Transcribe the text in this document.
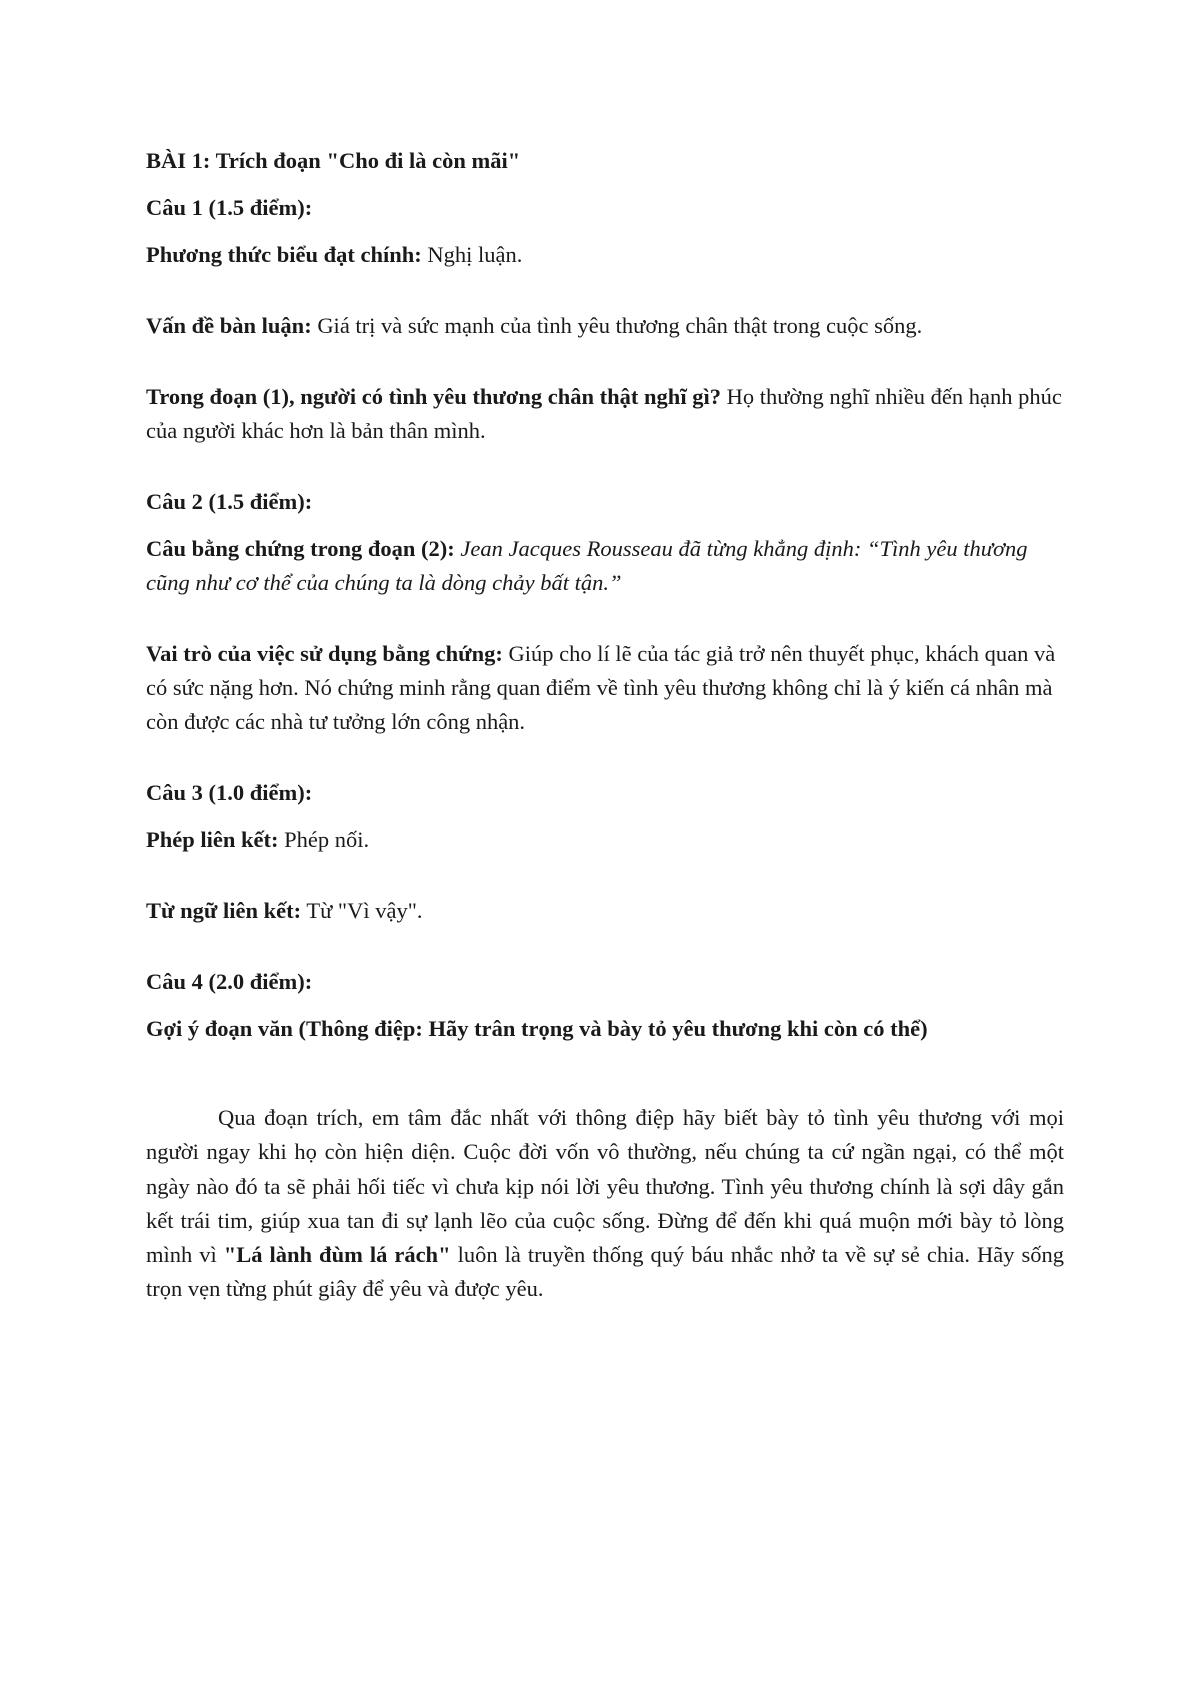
BÀI 1: Trích đoạn "Cho đi là còn mãi"

Câu 1 (1.5 điểm):

Phương thức biểu đạt chính: Nghị luận.

Vấn đề bàn luận: Giá trị và sức mạnh của tình yêu thương chân thật trong cuộc sống.

Trong đoạn (1), người có tình yêu thương chân thật nghĩ gì? Họ thường nghĩ nhiều đến hạnh phúc của người khác hơn là bản thân mình.

Câu 2 (1.5 điểm):

Câu bằng chứng trong đoạn (2): Jean Jacques Rousseau đã từng khẳng định: “Tình yêu thương cũng như cơ thể của chúng ta là dòng chảy bất tận.”

Vai trò của việc sử dụng bằng chứng: Giúp cho lí lẽ của tác giả trở nên thuyết phục, khách quan và có sức nặng hơn. Nó chứng minh rằng quan điểm về tình yêu thương không chỉ là ý kiến cá nhân mà còn được các nhà tư tưởng lớn công nhận.

Câu 3 (1.0 điểm):

Phép liên kết: Phép nối.

Từ ngữ liên kết: Từ "Vì vậy".

Câu 4 (2.0 điểm):

Gợi ý đoạn văn (Thông điệp: Hãy trân trọng và bày tỏ yêu thương khi còn có thể)

Qua đoạn trích, em tâm đắc nhất với thông điệp hãy biết bày tỏ tình yêu thương với mọi người ngay khi họ còn hiện diện. Cuộc đời vốn vô thường, nếu chúng ta cứ ngần ngại, có thể một ngày nào đó ta sẽ phải hối tiếc vì chưa kịp nói lời yêu thương. Tình yêu thương chính là sợi dây gắn kết trái tim, giúp xua tan đi sự lạnh lẽo của cuộc sống. Đừng để đến khi quá muộn mới bày tỏ lòng mình vì "Lá lành đùm lá rách" luôn là truyền thống quý báu nhắc nhở ta về sự sẻ chia. Hãy sống trọn vẹn từng phút giây để yêu và được yêu.
